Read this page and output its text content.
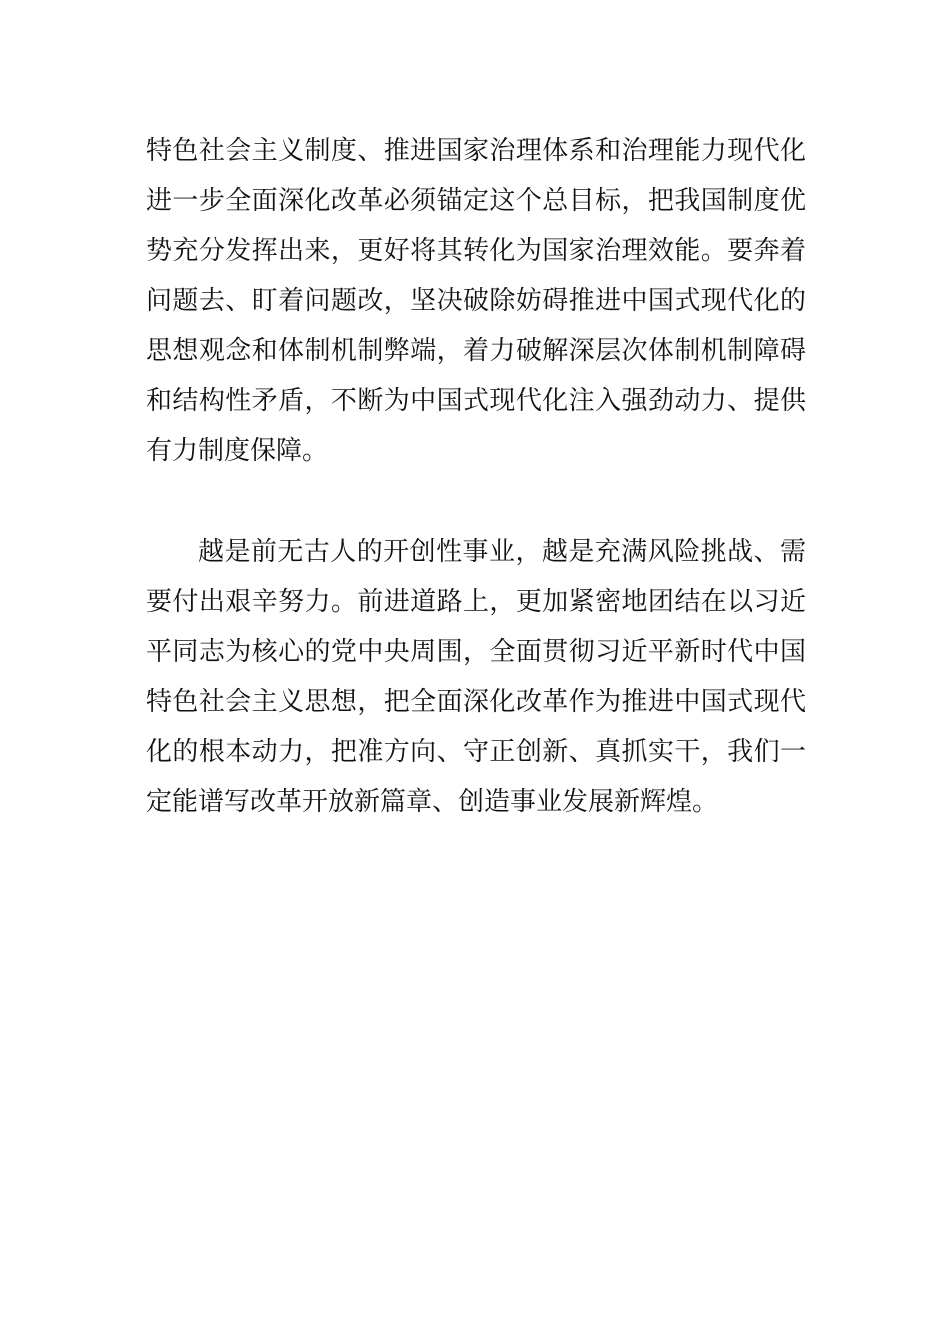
特色社会主义制度、推进国家治理体系和治理能力现代化
进一步全面深化改革必须锚定这个总目标，把我国制度优
势充分发挥出来，更好将其转化为国家治理效能。要奔着
问题去、盯着问题改，坚决破除妨碍推进中国式现代化的
思想观念和体制机制弊端，着力破解深层次体制机制障碍
和结构性矛盾，不断为中国式现代化注入强劲动力、提供
有力制度保障。
越是前无古人的开创性事业，越是充满风险挑战、需
要付出艰辛努力。前进道路上，更加紧密地团结在以习近
平同志为核心的党中央周围，全面贯彻习近平新时代中国
特色社会主义思想，把全面深化改革作为推进中国式现代
化的根本动力，把准方向、守正创新、真抓实干，我们一
定能谱写改革开放新篇章、创造事业发展新辉煌。
